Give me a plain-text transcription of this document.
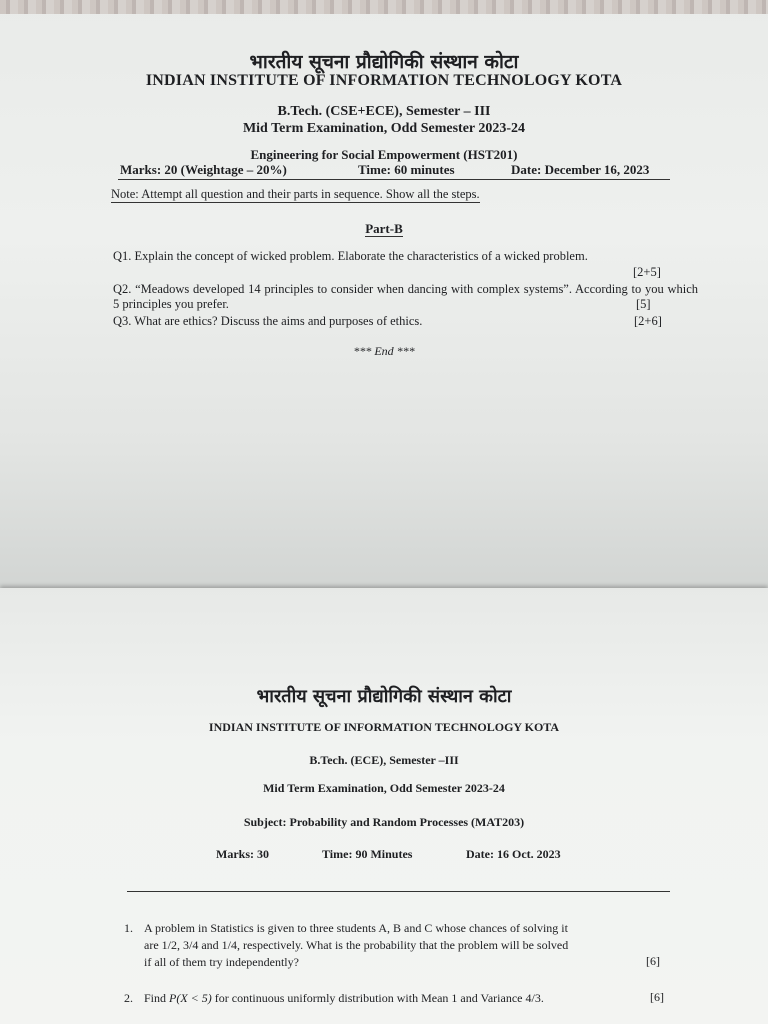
भारतीय सूचना प्रौद्योगिकी संस्थान कोटा
INDIAN INSTITUTE OF INFORMATION TECHNOLOGY KOTA
B.Tech. (CSE+ECE), Semester – III
Mid Term Examination, Odd Semester 2023-24
Engineering for Social Empowerment (HST201)
Marks: 20 (Weightage – 20%)	Time: 60 minutes	Date: December 16, 2023
Note: Attempt all question and their parts in sequence. Show all the steps.
Part-B
Q1. Explain the concept of wicked problem. Elaborate the characteristics of a wicked problem.
[2+5]
Q2. “Meadows developed 14 principles to consider when dancing with complex systems”. According to you which 5 principles you prefer.	[5]
Q3. What are ethics? Discuss the aims and purposes of ethics.	[2+6]
*** End ***
भारतीय सूचना प्रौद्योगिकी संस्थान कोटा
INDIAN INSTITUTE OF INFORMATION TECHNOLOGY KOTA
B.Tech. (ECE), Semester –III
Mid Term Examination, Odd Semester 2023-24
Subject: Probability and Random Processes (MAT203)
Marks: 30	Time: 90 Minutes	Date: 16 Oct. 2023
1. A problem in Statistics is given to three students A, B and C whose chances of solving it

are 1/2, 3/4 and 1/4, respectively. What is the probability that the problem will be solved

if all of them try independently?	[6]
2. Find P(X < 5) for continuous uniformly distribution with Mean 1 and Variance 4/3.	[6]
